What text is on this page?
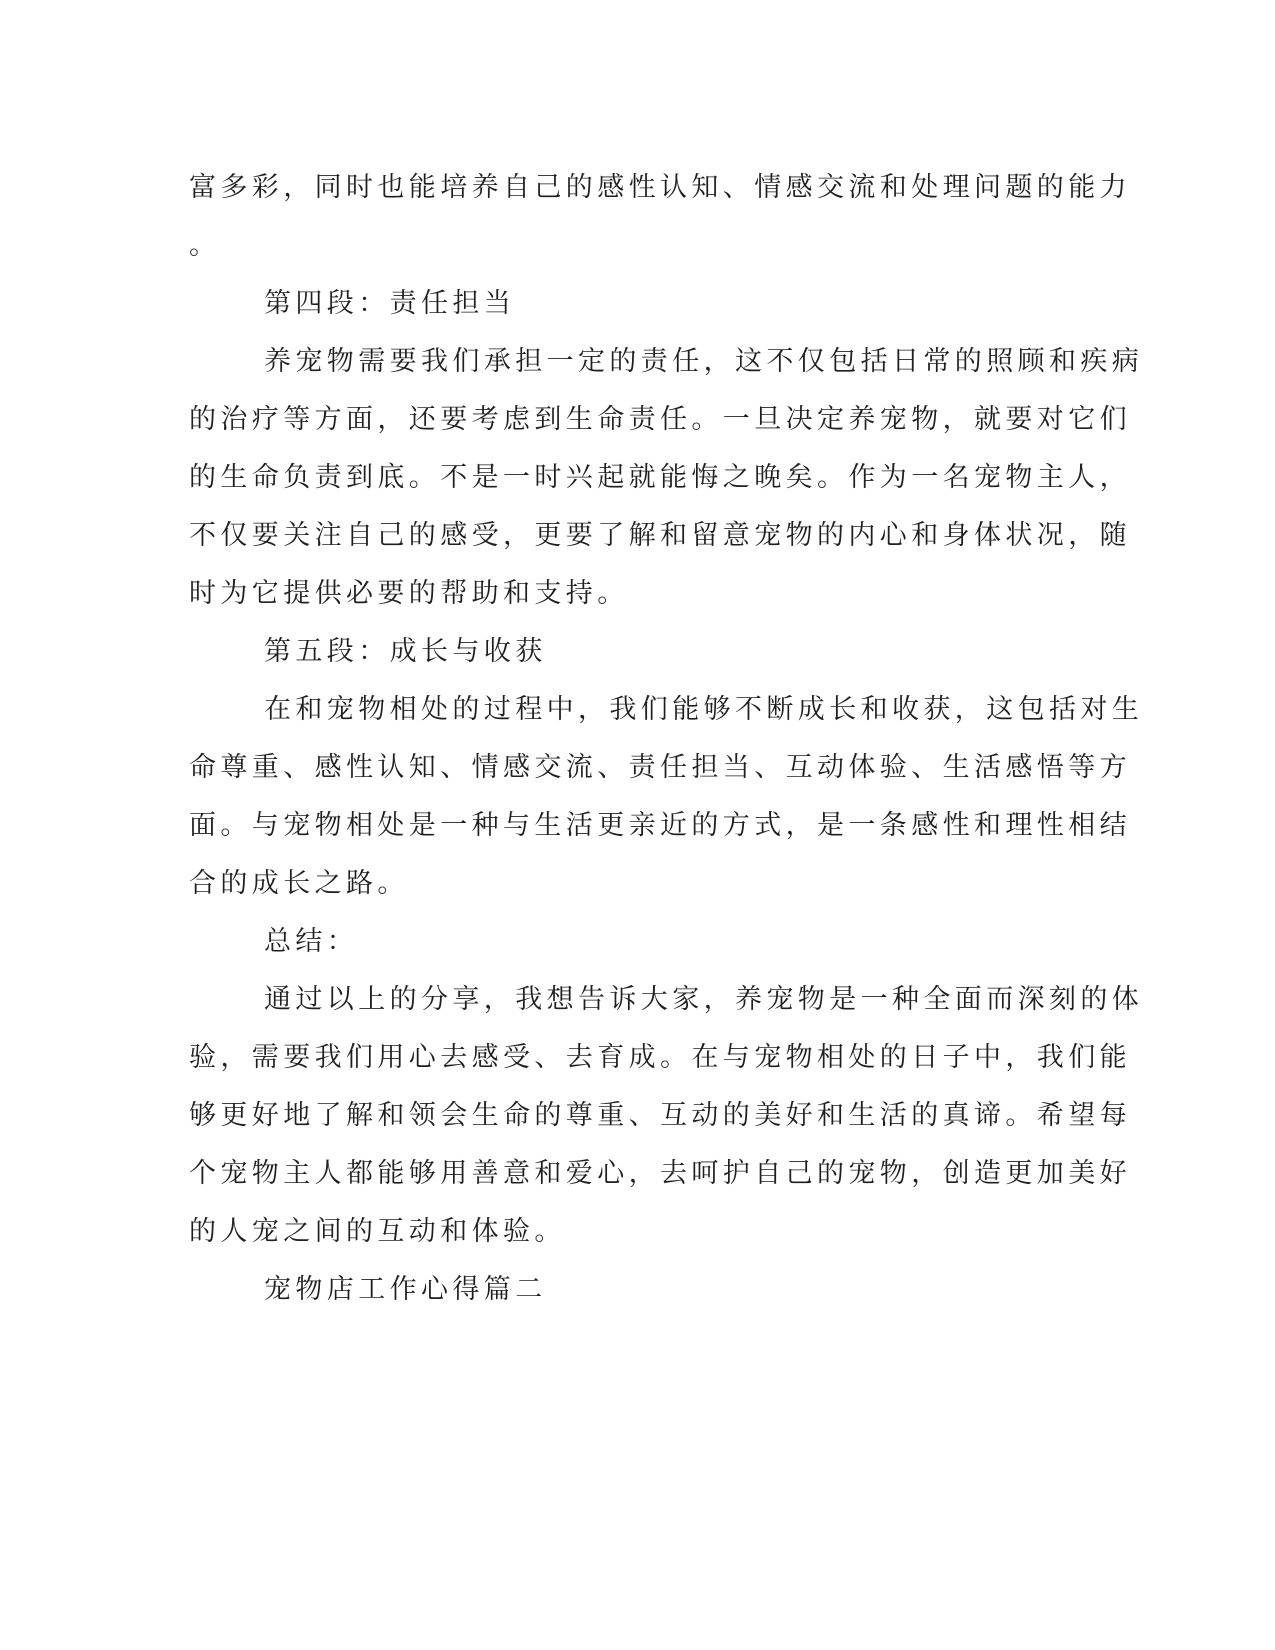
富多彩，同时也能培养自己的感性认知、情感交流和处理问题的能力
。
第四段：责任担当
养宠物需要我们承担一定的责任，这不仅包括日常的照顾和疾病
的治疗等方面，还要考虑到生命责任。一旦决定养宠物，就要对它们
的生命负责到底。不是一时兴起就能悔之晚矣。作为一名宠物主人，
不仅要关注自己的感受，更要了解和留意宠物的内心和身体状况，随
时为它提供必要的帮助和支持。
第五段：成长与收获
在和宠物相处的过程中，我们能够不断成长和收获，这包括对生
命尊重、感性认知、情感交流、责任担当、互动体验、生活感悟等方
面。与宠物相处是一种与生活更亲近的方式，是一条感性和理性相结
合的成长之路。
总结：
通过以上的分享，我想告诉大家，养宠物是一种全面而深刻的体
验，需要我们用心去感受、去育成。在与宠物相处的日子中，我们能
够更好地了解和领会生命的尊重、互动的美好和生活的真谛。希望每
个宠物主人都能够用善意和爱心，去呵护自己的宠物，创造更加美好
的人宠之间的互动和体验。
宠物店工作心得篇二
